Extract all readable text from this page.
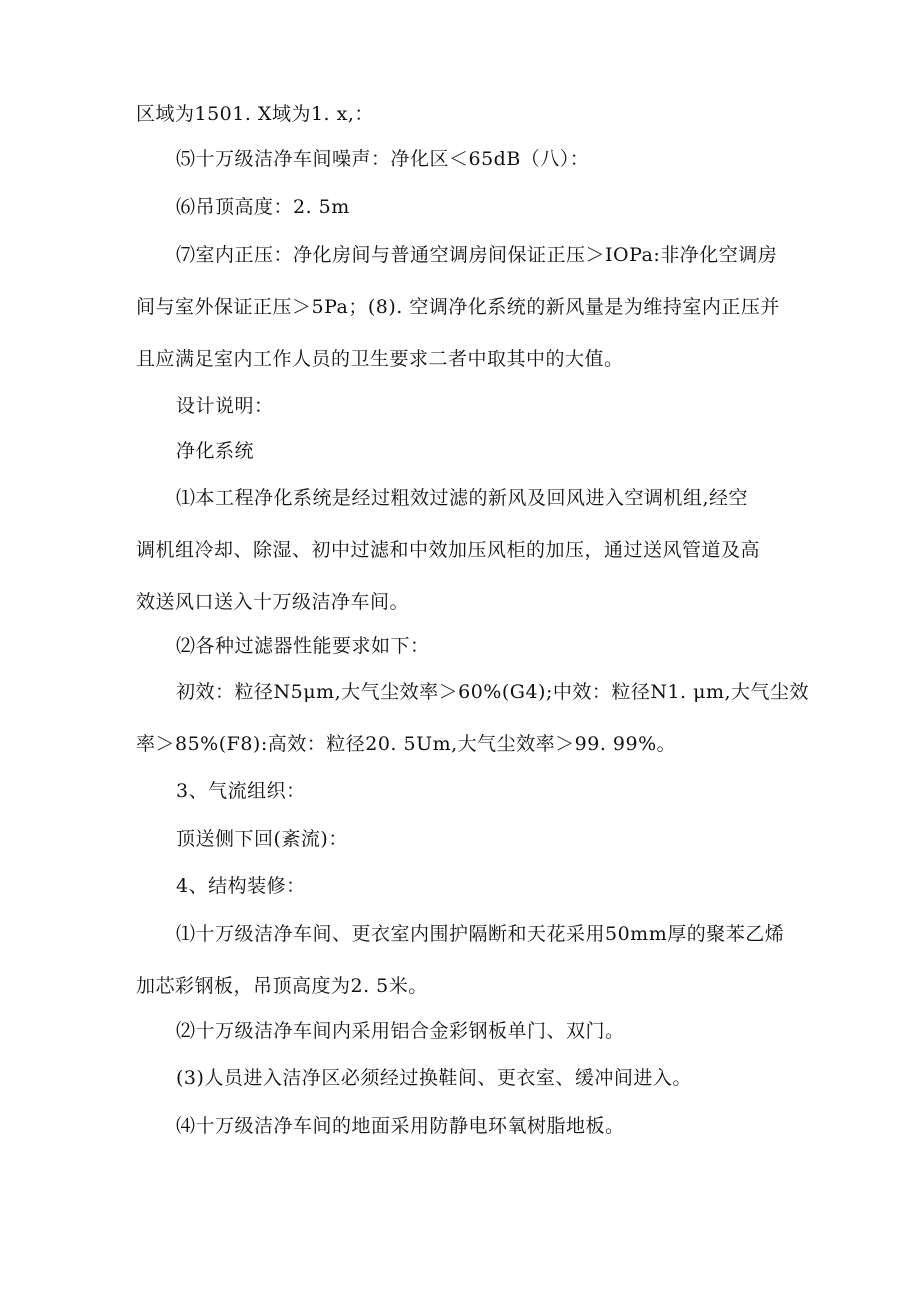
区域为1501. X域为1. x,：

⑸十万级洁净车间噪声：净化区＜65dB（八）：

⑹吊顶高度：2. 5m

⑺室内正压：净化房间与普通空调房间保证正压＞IOPa:非净化空调房
间与室外保证正压＞5Pa；(8). 空调净化系统的新风量是为维持室内正压并
且应满足室内工作人员的卫生要求二者中取其中的大值。

设计说明：

净化系统

⑴本工程净化系统是经过粗效过滤的新风及回风进入空调机组,经空
调机组冷却、除湿、初中过滤和中效加压风柜的加压，通过送风管道及高
效送风口送入十万级洁净车间。

⑵各种过滤器性能要求如下：

初效：粒径N5μm,大气尘效率＞60%(G4);中效：粒径N1. μm,大气尘效
率＞85%(F8):高效：粒径20. 5Um,大气尘效率＞99. 99%。

3、气流组织：

顶送侧下回(紊流)：

4、结构装修：

⑴十万级洁净车间、更衣室内围护隔断和天花采用50mm厚的聚苯乙烯
加芯彩钢板，吊顶高度为2. 5米。

⑵十万级洁净车间内采用铝合金彩钢板单门、双门。

(3)人员进入洁净区必须经过换鞋间、更衣室、缓冲间进入。

⑷十万级洁净车间的地面采用防静电环氧树脂地板。
